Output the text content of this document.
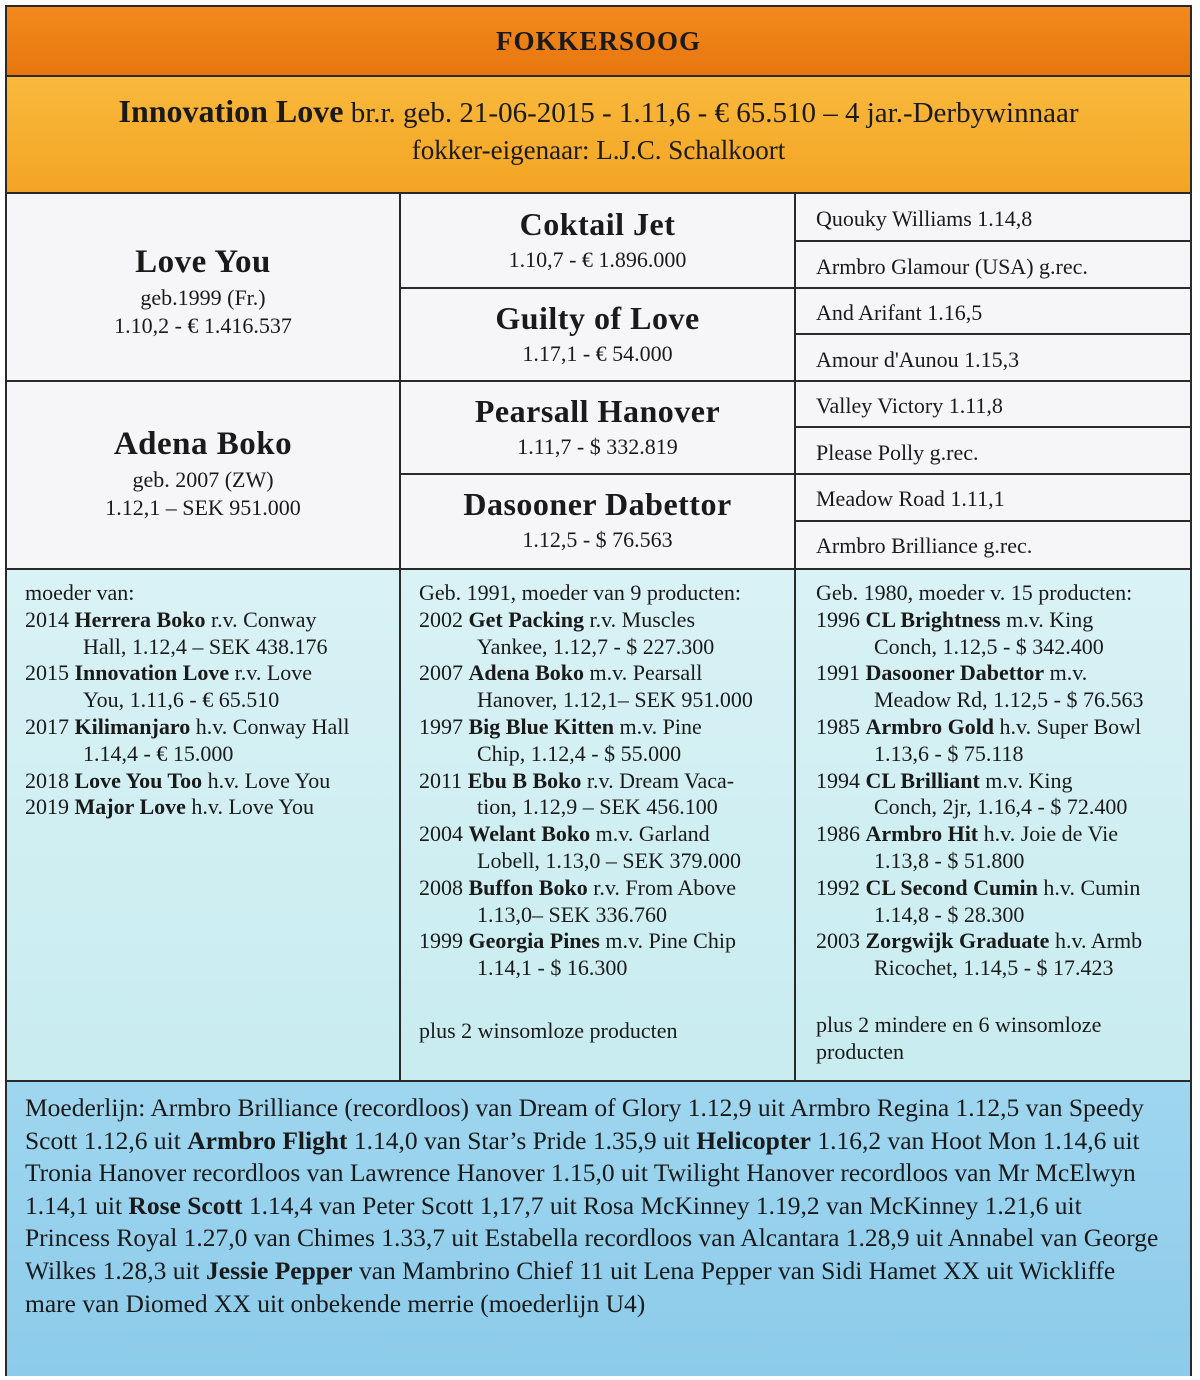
FOKKERSOOG
Innovation Love br.r. geb. 21-06-2015 - 1.11,6 - € 65.510 – 4 jar.-Derbywinnaar
fokker-eigenaar: L.J.C. Schalkoort
Love You
geb.1999 (Fr.)
1.10,2 - € 1.416.537
Adena Boko
geb. 2007 (ZW)
1.12,1 – SEK 951.000
Coktail Jet
1.10,7 - € 1.896.000
Guilty of Love
1.17,1 - € 54.000
Pearsall Hanover
1.11,7 - $ 332.819
Dasooner Dabettor
1.12,5 - $ 76.563
Quouky Williams 1.14,8
Armbro Glamour (USA) g.rec.
And Arifant 1.16,5
Amour d'Aunou 1.15,3
Valley Victory 1.11,8
Please Polly g.rec.
Meadow Road 1.11,1
Armbro Brilliance g.rec.
moeder van:
2014 Herrera Boko r.v. Conway
Hall, 1.12,4 – SEK 438.176
2015 Innovation Love r.v. Love
You, 1.11,6 - € 65.510
2017 Kilimanjaro h.v. Conway Hall
1.14,4 - € 15.000
2018 Love You Too h.v. Love You
2019 Major Love h.v. Love You
Geb. 1991, moeder van 9 producten:
2002 Get Packing r.v. Muscles
Yankee, 1.12,7 - $ 227.300
2007 Adena Boko m.v. Pearsall
Hanover, 1.12,1– SEK 951.000
1997 Big Blue Kitten m.v. Pine
Chip, 1.12,4 - $ 55.000
2011 Ebu B Boko r.v. Dream Vaca-
tion, 1.12,9 – SEK 456.100
2004 Welant Boko m.v. Garland
Lobell, 1.13,0 – SEK 379.000
2008 Buffon Boko r.v. From Above
1.13,0– SEK 336.760
1999 Georgia Pines m.v. Pine Chip
1.14,1 - $ 16.300
plus 2 winsomloze producten
Geb. 1980, moeder v. 15 producten:
1996 CL Brightness m.v. King
Conch, 1.12,5 - $ 342.400
1991 Dasooner Dabettor m.v.
Meadow Rd, 1.12,5 - $ 76.563
1985 Armbro Gold h.v. Super Bowl
1.13,6 - $ 75.118
1994 CL Brilliant m.v. King
Conch, 2jr, 1.16,4 - $ 72.400
1986 Armbro Hit h.v. Joie de Vie
1.13,8 - $ 51.800
1992 CL Second Cumin h.v. Cumin
1.14,8 - $ 28.300
2003 Zorgwijk Graduate h.v. Armb
Ricochet, 1.14,5 - $ 17.423
plus 2 mindere en 6 winsomloze producten
Moederlijn: Armbro Brilliance (recordloos) van Dream of Glory 1.12,9 uit Armbro Regina 1.12,5 van Speedy Scott 1.12,6 uit Armbro Flight 1.14,0 van Star’s Pride 1.35,9 uit Helicopter 1.16,2 van Hoot Mon 1.14,6 uit Tronia Hanover recordloos van Lawrence Hanover 1.15,0 uit Twilight Hanover recordloos van Mr McElwyn 1.14,1 uit Rose Scott 1.14,4 van Peter Scott 1,17,7 uit Rosa McKinney 1.19,2 van McKinney 1.21,6 uit Princess Royal 1.27,0 van Chimes 1.33,7 uit Estabella recordloos van Alcantara 1.28,9 uit Annabel van George Wilkes 1.28,3 uit Jessie Pepper van Mambrino Chief 11 uit Lena Pepper van Sidi Hamet XX uit Wickliffe mare van Diomed XX uit onbekende merrie (moederlijn U4)
